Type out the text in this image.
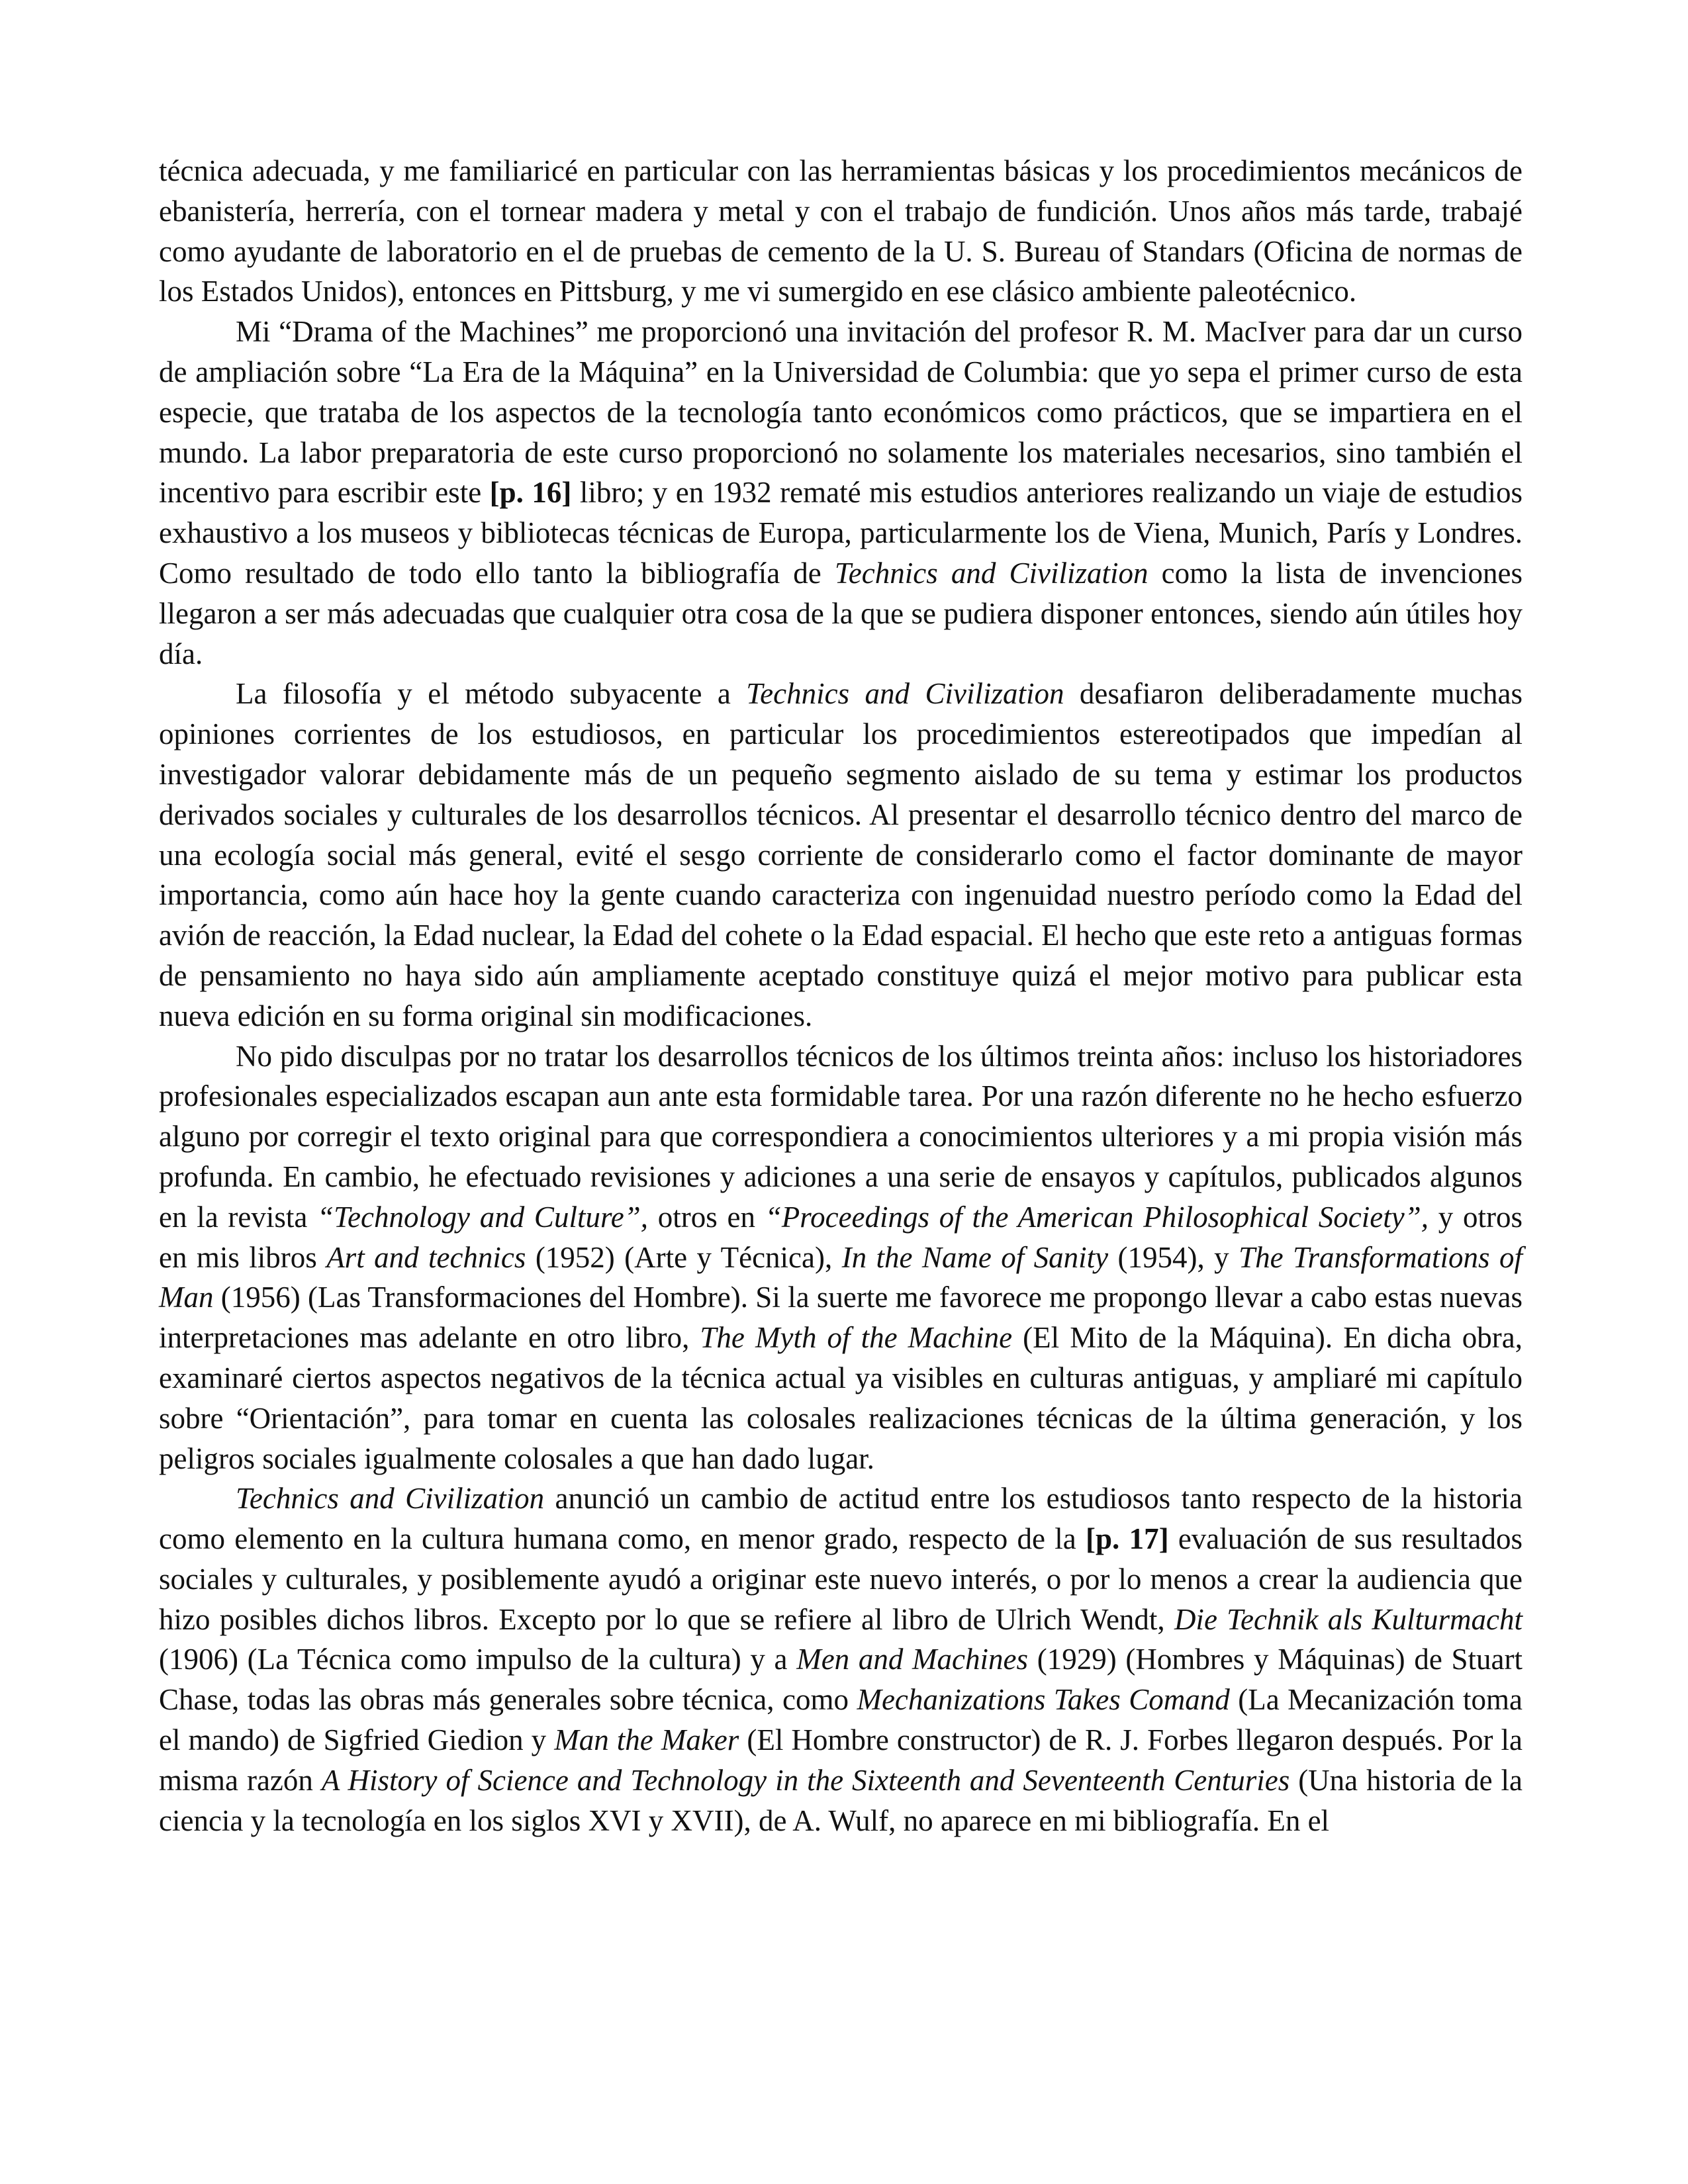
técnica adecuada, y me familiaricé en particular con las herramientas básicas y los procedimientos mecánicos de ebanistería, herrería, con el tornear madera y metal y con el trabajo de fundición. Unos años más tarde, trabajé como ayudante de laboratorio en el de pruebas de cemento de la U. S. Bureau of Standars (Oficina de normas de los Estados Unidos), entonces en Pittsburg, y me vi sumergido en ese clásico ambiente paleotécnico.

Mi “Drama of the Machines” me proporcionó una invitación del profesor R. M. MacIver para dar un curso de ampliación sobre “La Era de la Máquina” en la Universidad de Columbia: que yo sepa el primer curso de esta especie, que trataba de los aspectos de la tecnología tanto económicos como prácticos, que se impartiera en el mundo. La labor preparatoria de este curso proporcionó no solamente los materiales necesarios, sino también el incentivo para escribir este [p. 16] libro; y en 1932 rematé mis estudios anteriores realizando un viaje de estudios exhaustivo a los museos y bibliotecas técnicas de Europa, particularmente los de Viena, Munich, París y Londres. Como resultado de todo ello tanto la bibliografía de Technics and Civilization como la lista de invenciones llegaron a ser más adecuadas que cualquier otra cosa de la que se pudiera disponer entonces, siendo aún útiles hoy día.

La filosofía y el método subyacente a Technics and Civilization desafiaron deliberadamente muchas opiniones corrientes de los estudiosos, en particular los procedimientos estereotipados que impedían al investigador valorar debidamente más de un pequeño segmento aislado de su tema y estimar los productos derivados sociales y culturales de los desarrollos técnicos. Al presentar el desarrollo técnico dentro del marco de una ecología social más general, evité el sesgo corriente de considerarlo como el factor dominante de mayor importancia, como aún hace hoy la gente cuando caracteriza con ingenuidad nuestro período como la Edad del avión de reacción, la Edad nuclear, la Edad del cohete o la Edad espacial. El hecho que este reto a antiguas formas de pensamiento no haya sido aún ampliamente aceptado constituye quizá el mejor motivo para publicar esta nueva edición en su forma original sin modificaciones.

No pido disculpas por no tratar los desarrollos técnicos de los últimos treinta años: incluso los historiadores profesionales especializados escapan aun ante esta formidable tarea. Por una razón diferente no he hecho esfuerzo alguno por corregir el texto original para que correspondiera a conocimientos ulteriores y a mi propia visión más profunda. En cambio, he efectuado revisiones y adiciones a una serie de ensayos y capítulos, publicados algunos en la revista “Technology and Culture”, otros en “Proceedings of the American Philosophical Society”, y otros en mis libros Art and technics (1952) (Arte y Técnica), In the Name of Sanity (1954), y The Transformations of Man (1956) (Las Transformaciones del Hombre). Si la suerte me favorece me propongo llevar a cabo estas nuevas interpretaciones mas adelante en otro libro, The Myth of the Machine (El Mito de la Máquina). En dicha obra, examinaré ciertos aspectos negativos de la técnica actual ya visibles en culturas antiguas, y ampliaré mi capítulo sobre “Orientación”, para tomar en cuenta las colosales realizaciones técnicas de la última generación, y los peligros sociales igualmente colosales a que han dado lugar.

Technics and Civilization anunció un cambio de actitud entre los estudiosos tanto respecto de la historia como elemento en la cultura humana como, en menor grado, respecto de la [p. 17] evaluación de sus resultados sociales y culturales, y posiblemente ayudó a originar este nuevo interés, o por lo menos a crear la audiencia que hizo posibles dichos libros. Excepto por lo que se refiere al libro de Ulrich Wendt, Die Technik als Kulturmacht (1906) (La Técnica como impulso de la cultura) y a Men and Machines (1929) (Hombres y Máquinas) de Stuart Chase, todas las obras más generales sobre técnica, como Mechanizations Takes Comand (La Mecanización toma el mando) de Sigfried Giedion y Man the Maker (El Hombre constructor) de R. J. Forbes llegaron después. Por la misma razón A History of Science and Technology in the Sixteenth and Seventeenth Centuries (Una historia de la ciencia y la tecnología en los siglos XVI y XVII), de A. Wulf, no aparece en mi bibliografía. En el
